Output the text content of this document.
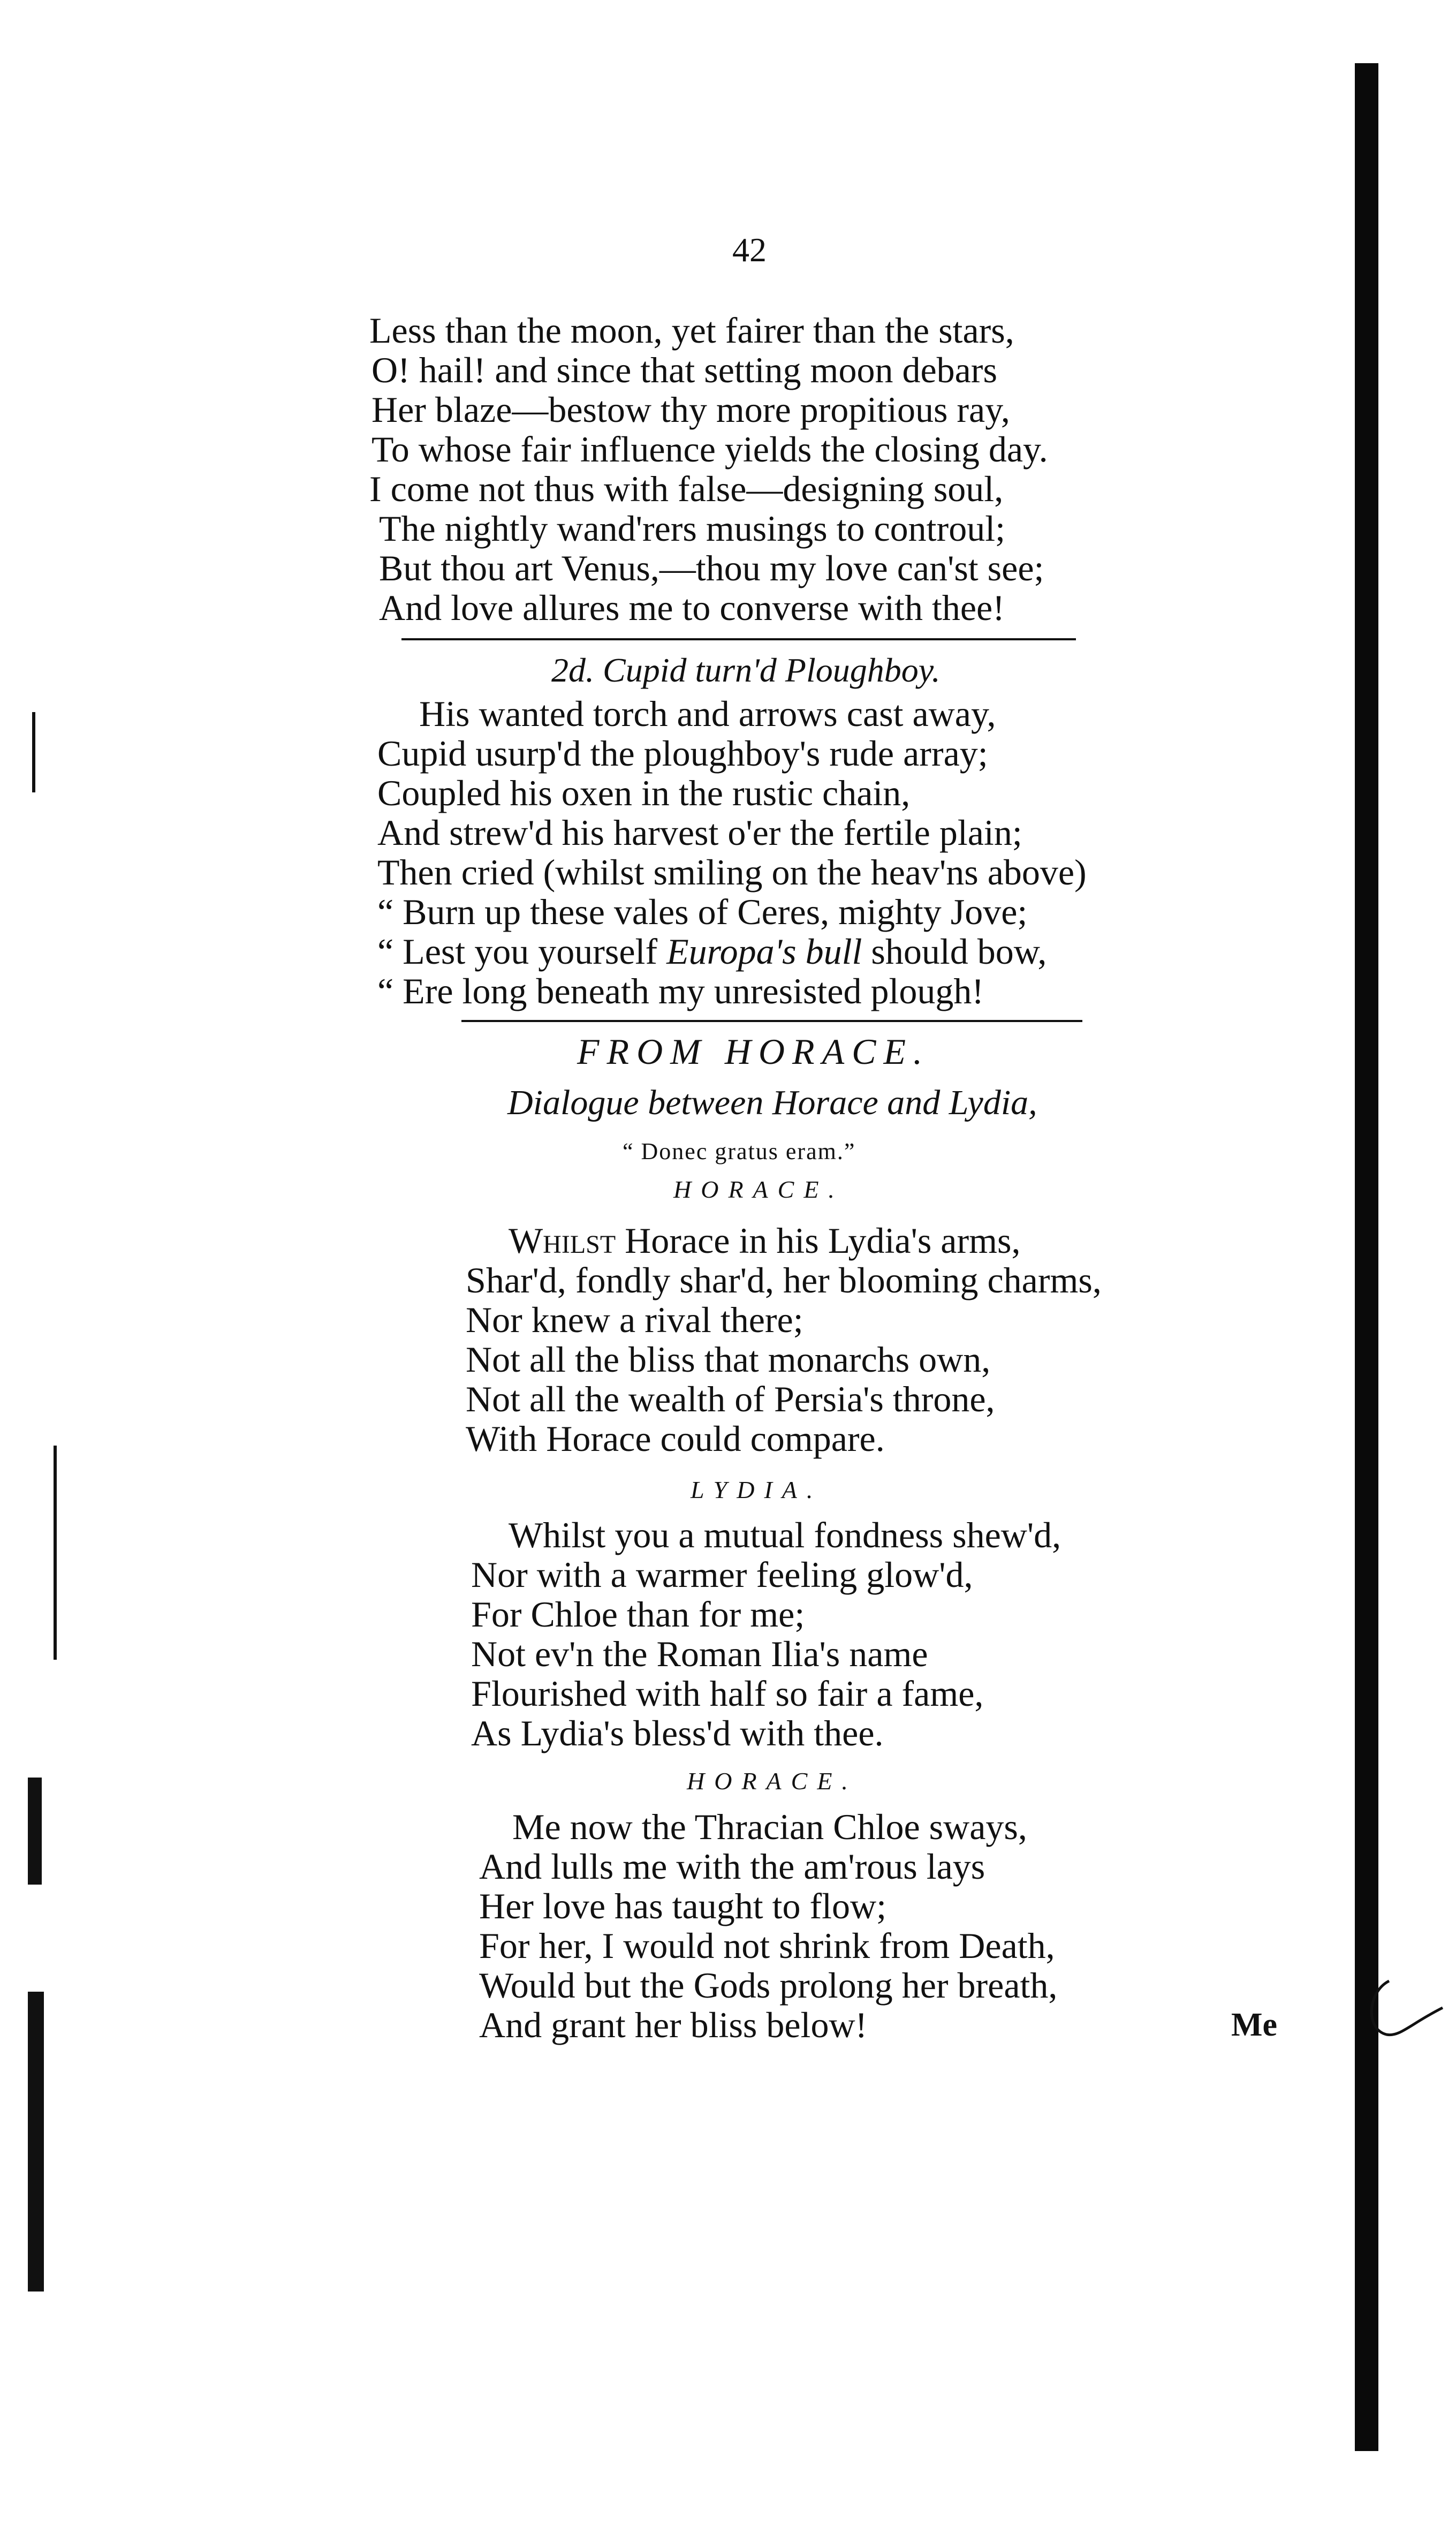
42
Less than the moon, yet fairer than the stars,
O! hail! and since that setting moon debars
Her blaze—bestow thy more propitious ray,
To whose fair influence yields the closing day.
I come not thus with false—designing soul,
The nightly wand'rers musings to controul;
But thou art Venus,—thou my love can'st see;
And love allures me to converse with thee!
2d. Cupid turn'd Ploughboy.
His wanted torch and arrows cast away,
Cupid usurp'd the ploughboy's rude array;
Coupled his oxen in the rustic chain,
And strew'd his harvest o'er the fertile plain;
Then cried (whilst smiling on the heav'ns above)
“ Burn up these vales of Ceres, mighty Jove;
“ Lest you yourself Europa's bull should bow,
“ Ere long beneath my unresisted plough!
FROM HORACE.
Dialogue between Horace and Lydia,
“ Donec gratus eram.”
HORACE.
Whilst Horace in his Lydia's arms,
Shar'd, fondly shar'd, her blooming charms,
Nor knew a rival there;
Not all the bliss that monarchs own,
Not all the wealth of Persia's throne,
With Horace could compare.
LYDIA.
Whilst you a mutual fondness shew'd,
Nor with a warmer feeling glow'd,
For Chloe than for me;
Not ev'n the Roman Ilia's name
Flourished with half so fair a fame,
As Lydia's bless'd with thee.
HORACE.
Me now the Thracian Chloe sways,
And lulls me with the am'rous lays
Her love has taught to flow;
For her, I would not shrink from Death,
Would but the Gods prolong her breath,
And grant her bliss below!	Me
